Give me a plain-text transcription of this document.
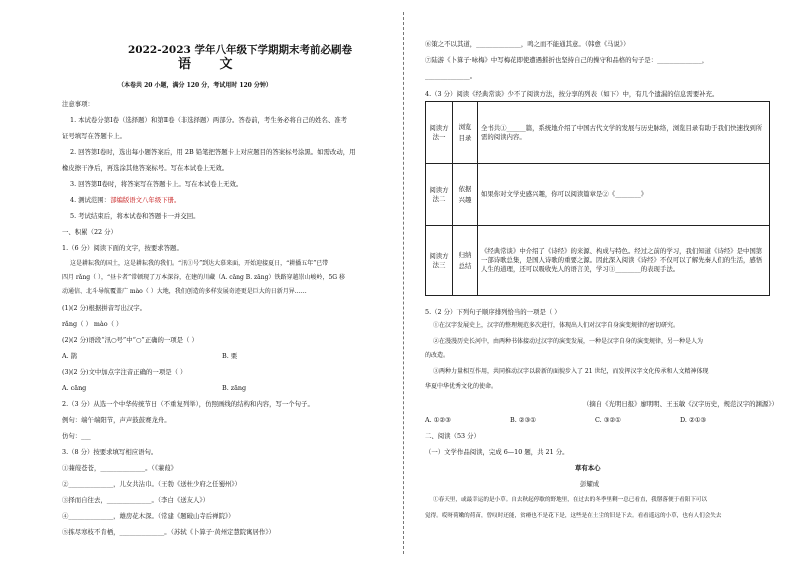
2022-2023 学年八年级下学期期末考前必刷卷
语 文
（本卷共 20 小题，满分 120 分，考试用时 120 分钟）
注意事项：
1. 本试卷分第Ⅰ卷（选择题）和第Ⅱ卷（非选择题）两部分。答卷前，考生务必将自己的姓名、准考
证号填写在答题卡上。
2. 回答第Ⅰ卷时，选出每小题答案后，用 2B 铅笔把答题卡上对应题目的答案标号涂黑。如需改动，用
橡皮擦干净后，再选涂其他答案标号。写在本试卷上无效。
3. 回答第Ⅱ卷时，将答案写在答题卡上。写在本试卷上无效。
4. 测试范围：部编版语文八年级下册。
5. 考试结束后，将本试卷和答题卡一并交回。
一、积累（22 分）
1.（6 分）阅读下面的文字，按要求答题。
这是耕耘我的国土，这是耕耘我的我们。“汛①号”到达大慕来面，开始迎接夏日，“耕播五年”已带
四月 rǎng（ ），“昼卡者”常顿现了万本深谷，在建的川藏（A. cāng B. zāng）铁路穿越崇山峻岭，5G 移
动通信、北斗导航覆盖广 mào（ ）大地，我们创造的多样发展奇迹更是巨大的日新月异……
(1)(2 分)根据拼音写出汉字。
rǎng（ ） mào（ ）
(2)(2 分)语段“汛○号”中“○”正确的一项是（ ）
A. 鹊	B. 栗
(3)(2 分)文中加点字注音正确的一项是（ ）
A. cāng	B. zāng
2.（3 分）从选一个中华传统节日（不重复列举），仿照画线的结构和内容，写一个句子。
例句：端午端阳节，声声鼓鼓赛龙舟。
仿句：___
3.（8 分）按要求填写相应语句。
①蒹葭苍苍，______________。（《蒹葭》
②______________，儿女共沾巾。（王勃《送杜少府之任蜀州》）
③择而自往去，______________。（李白《送友人》）
④______________，雄房花木深。（常建《题破山寺后禅院》）
⑤拣尽寒枝不肯栖，______________。（苏轼《卜算子·黄州定慧院寓居作》）
⑥策之不以其道，______________，鸣之而不能通其意。（韩愈《马说》）
⑦陆游《卜算子·咏梅》中写梅花即使遭遇摧折也坚持自己的操守和品格的句子是：______________，
______________。
4.（3 分）阅读《经典常谈》少不了阅读方法，按分享的列表（如下）中，有几个遗漏的信息需要补充。
阅读方法一	浏览目录	全书共①______篇，系统地介绍了中国古代文学的发展与历史脉络，浏览目录有助于我们快速找到所需的阅读内容。
阅读方法二	依据兴趣	如果你对文学史感兴趣，你可以阅读篇章是②《________》
阅读方法三	归纳总结	《经典常谈》中介绍了《诗经》的来源、构成与特色。经过之前的学习，我们知道《诗经》是中国第一部诗歌总集，是国人诗歌的重要之源。因此深入阅读《诗经》不仅可以了解先秦人们的生活，感悟人生的道理，还可以吸收先人的语言美，学习③________的表现手法。
5.（2 分）下列句子顺序排列恰当的一项是（ ）
①在汉字发展史上，汉字的整理规范多次进行，体现出人们对汉字自身演变规律的密切研究。
②在漫漫历史长河中，由两种书体接动过汉字的演变发展，一种是汉字自身的演变规律，另一种是人为
的改造。
③两种力量相互作用，共同推动汉字以崭新的面貌步入了 21 世纪，而发挥汉字文化传承和人文精神体现
华夏中华优秀文化的使命。
（摘自《光明日报》廖明明、王玉敏《汉字历史，规范汉字的渊源》）
A. ①②③	B. ②③①	C. ③②①	D. ②①③
二、阅读（53 分）
（一）文学作品阅读，完成 6—10 题，共 21 分。
草有本心
彭耀成
①春天里，或最幸运的是小草。自去秋起停歇的野地里，在过去的冬季里剩一总已看直，我掰落便于看阳下可以
觉得。哎呀荷嫩的荷苗，曾叹时还能，贫瘠也不是花下是，这些是在土尘的旧是下去。看看遥远的小草，也有人们会失去
